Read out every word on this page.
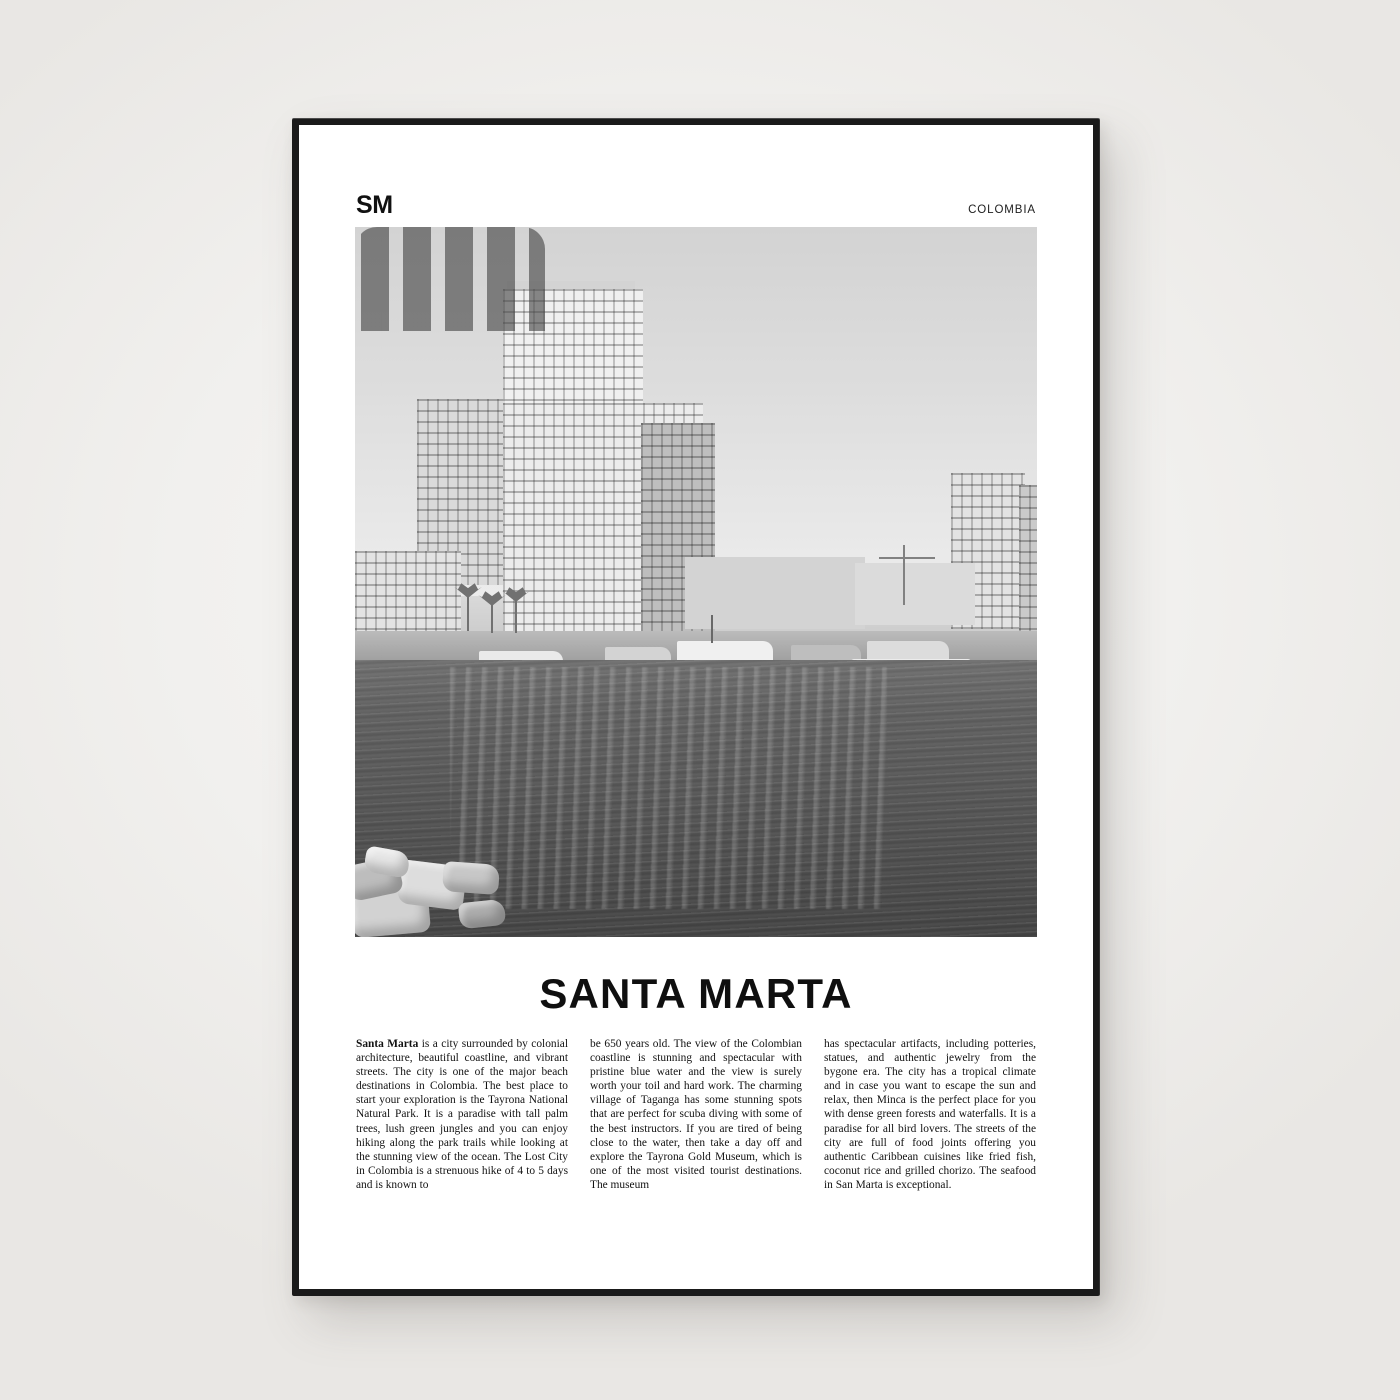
SM	COLOMBIA
SANTA MARTA
Santa Marta is a city surrounded by colonial architecture, beautiful coastline, and vibrant streets. The city is one of the major beach destinations in Colombia. The best place to start your exploration is the Tayrona National Natural Park. It is a paradise with tall palm trees, lush green jungles and you can enjoy hiking along the park trails while looking at the stunning view of the ocean. The Lost City in Colombia is a strenuous hike of 4 to 5 days and is known to
be 650 years old. The view of the Colombian coastline is stunning and spectacular with pristine blue water and the view is surely worth your toil and hard work. The charming village of Taganga has some stunning spots that are perfect for scuba diving with some of the best instructors. If you are tired of being close to the water, then take a day off and explore the Tayrona Gold Museum, which is one of the most visited tourist destinations. The museum
has spectacular artifacts, including potteries, statues, and authentic jewelry from the bygone era. The city has a tropical climate and in case you want to escape the sun and relax, then Minca is the perfect place for you with dense green forests and waterfalls. It is a paradise for all bird lovers. The streets of the city are full of food joints offering you authentic Caribbean cuisines like fried fish, coconut rice and grilled chorizo. The seafood in San Marta is exceptional.
